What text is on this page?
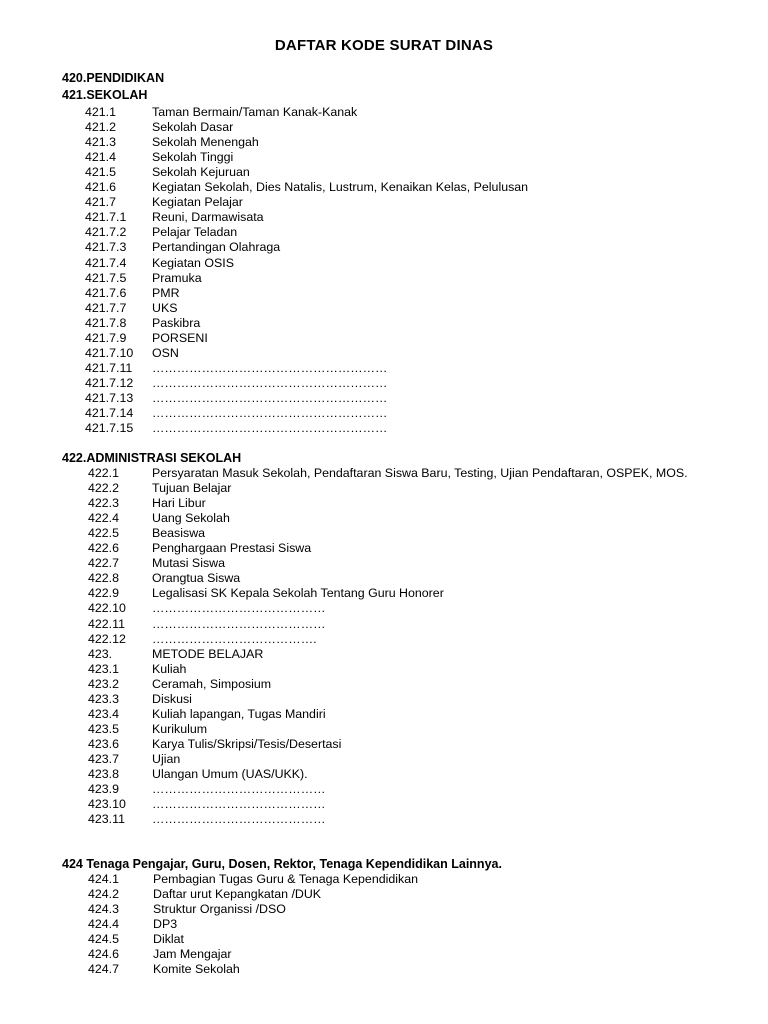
DAFTAR KODE SURAT DINAS
420.PENDIDIKAN
421.SEKOLAH
421.1	Taman Bermain/Taman Kanak-Kanak
421.2	Sekolah Dasar
421.3	Sekolah Menengah
421.4	Sekolah Tinggi
421.5	Sekolah Kejuruan
421.6	Kegiatan Sekolah, Dies Natalis, Lustrum, Kenaikan Kelas, Pelulusan
421.7	Kegiatan Pelajar
421.7.1 Reuni, Darmawisata
421.7.2 Pelajar Teladan
421.7.3 Pertandingan Olahraga
421.7.4 Kegiatan OSIS
421.7.5 Pramuka
421.7.6 PMR
421.7.7 UKS
421.7.8 Paskibra
421.7.9 PORSENI
421.7.10 OSN
421.7.11 …………………………………………………
421.7.12 …………………………………………………
421.7.13 …………………………………………………
421.7.14 …………………………………………………
421.7.15 …………………………………………………
422.ADMINISTRASI SEKOLAH
422.1	Persyaratan Masuk Sekolah, Pendaftaran Siswa Baru, Testing, Ujian Pendaftaran, OSPEK, MOS.
422.2	Tujuan Belajar
422.3	Hari Libur
422.4	Uang Sekolah
422.5	Beasiswa
422.6	Penghargaan Prestasi Siswa
422.7	Mutasi Siswa
422.8	Orangtua Siswa
422.9	Legalisasi SK Kepala Sekolah Tentang Guru Honorer
422.10 ……………………………………
422.11 ……………………………………
422.12 ………………………………….
423.	METODE BELAJAR
423.1	Kuliah
423.2	Ceramah, Simposium
423.3	Diskusi
423.4	Kuliah lapangan, Tugas Mandiri
423.5	Kurikulum
423.6	Karya Tulis/Skripsi/Tesis/Desertasi
423.7	Ujian
423.8	Ulangan Umum (UAS/UKK).
423.9	……………………………………
423.10 ……………………………………
423.11 ……………………………………
424 Tenaga Pengajar, Guru, Dosen, Rektor, Tenaga Kependidikan Lainnya.
424.1	Pembagian Tugas Guru & Tenaga Kependidikan
424.2	Daftar urut Kepangkatan /DUK
424.3	Struktur Organissi /DSO
424.4	DP3
424.5	Diklat
424.6	Jam Mengajar
424.7	Komite Sekolah
